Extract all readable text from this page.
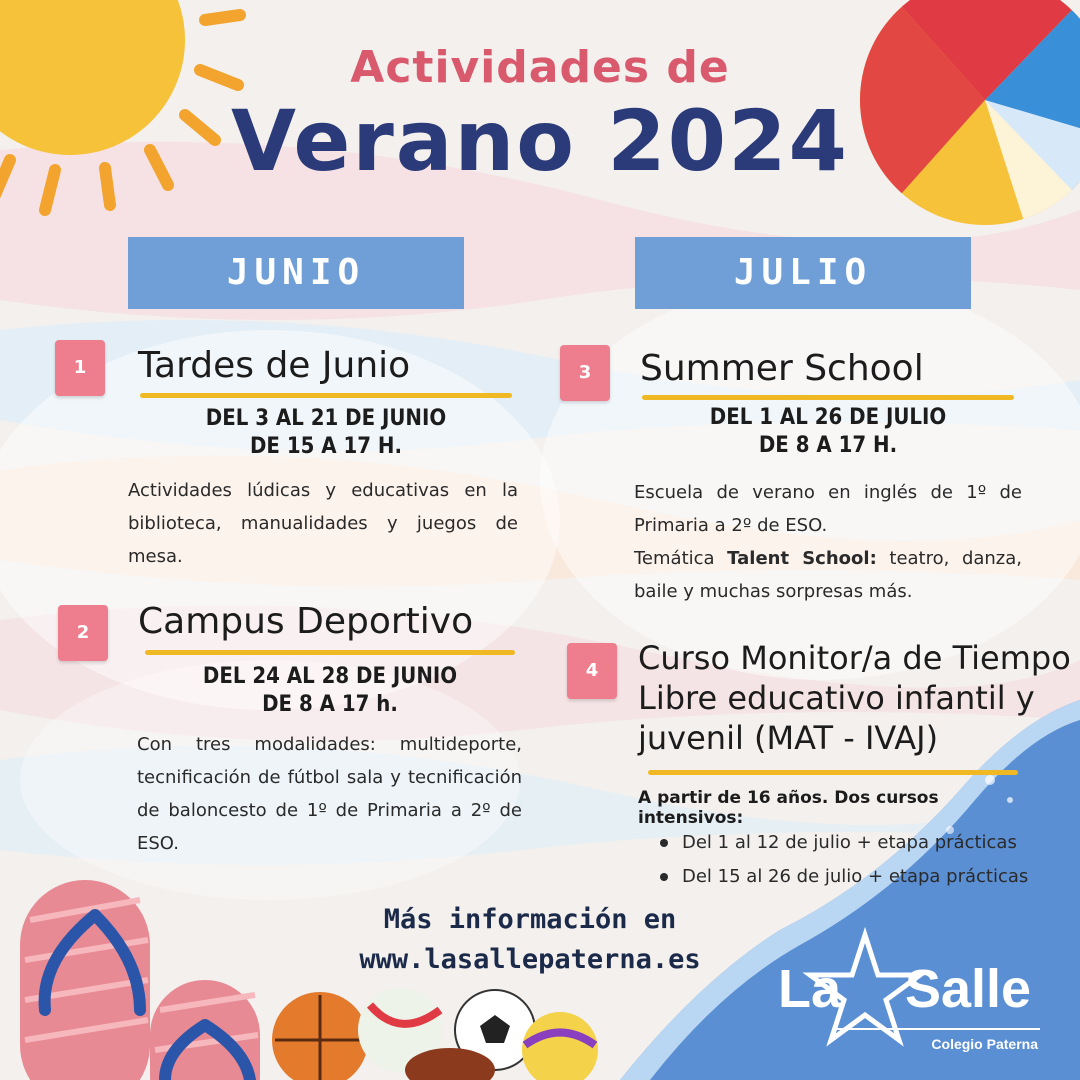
Actividades de
Verano 2024
JUNIO	JULIO
1	Tardes de Junio
DEL 3 AL 21 DE JUNIO
DE 15 A 17 H.
Actividades lúdicas y educativas en la biblioteca, manualidades y juegos de mesa.
2	Campus Deportivo
DEL 24 AL 28 DE JUNIO
DE 8 A 17 h.
Con tres modalidades: multideporte, tecnificación de fútbol sala y tecnificación de baloncesto de 1º de Primaria a 2º de ESO.
3	Summer School
DEL 1 AL 26 DE JULIO
DE 8 A 17 H.
Escuela de verano en inglés de 1º de Primaria a 2º de ESO.
Temática Talent School: teatro, danza, baile y muchas sorpresas más.
4	Curso Monitor/a de Tiempo
Libre educativo infantil y
juvenil (MAT - IVAJ)
A partir de 16 años. Dos cursos intensivos:
Del 1 al 12 de julio + etapa prácticas
Del 15 al 26 de julio + etapa prácticas
Más información en
www.lasallepaterna.es	La Salle
Colegio Paterna
